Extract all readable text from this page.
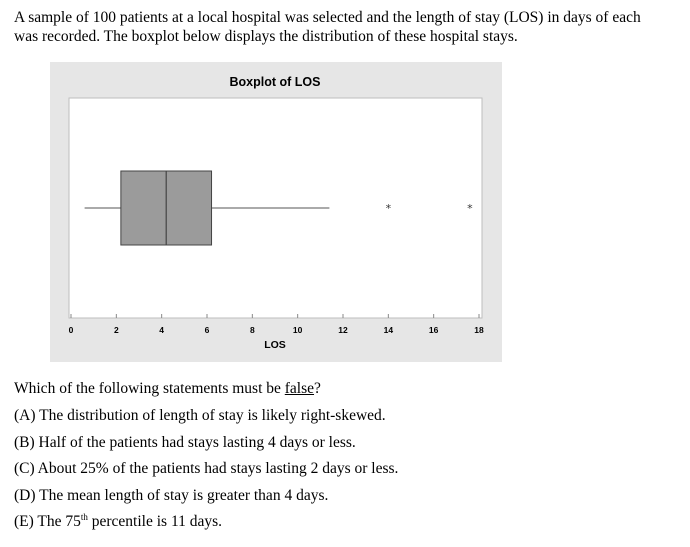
A sample of 100 patients at a local hospital was selected and the length of stay (LOS) in days of each
was recorded. The boxplot below displays the distribution of these hospital stays.

Boxplot of LOS
*	*
0	2	4	6	8	10	12	14	16	18
LOS

Which of the following statements must be false?

(A) The distribution of length of stay is likely right-skewed.
(B) Half of the patients had stays lasting 4 days or less.
(C) About 25% of the patients had stays lasting 2 days or less.
(D) The mean length of stay is greater than 4 days.
(E) The 75th percentile is 11 days.
